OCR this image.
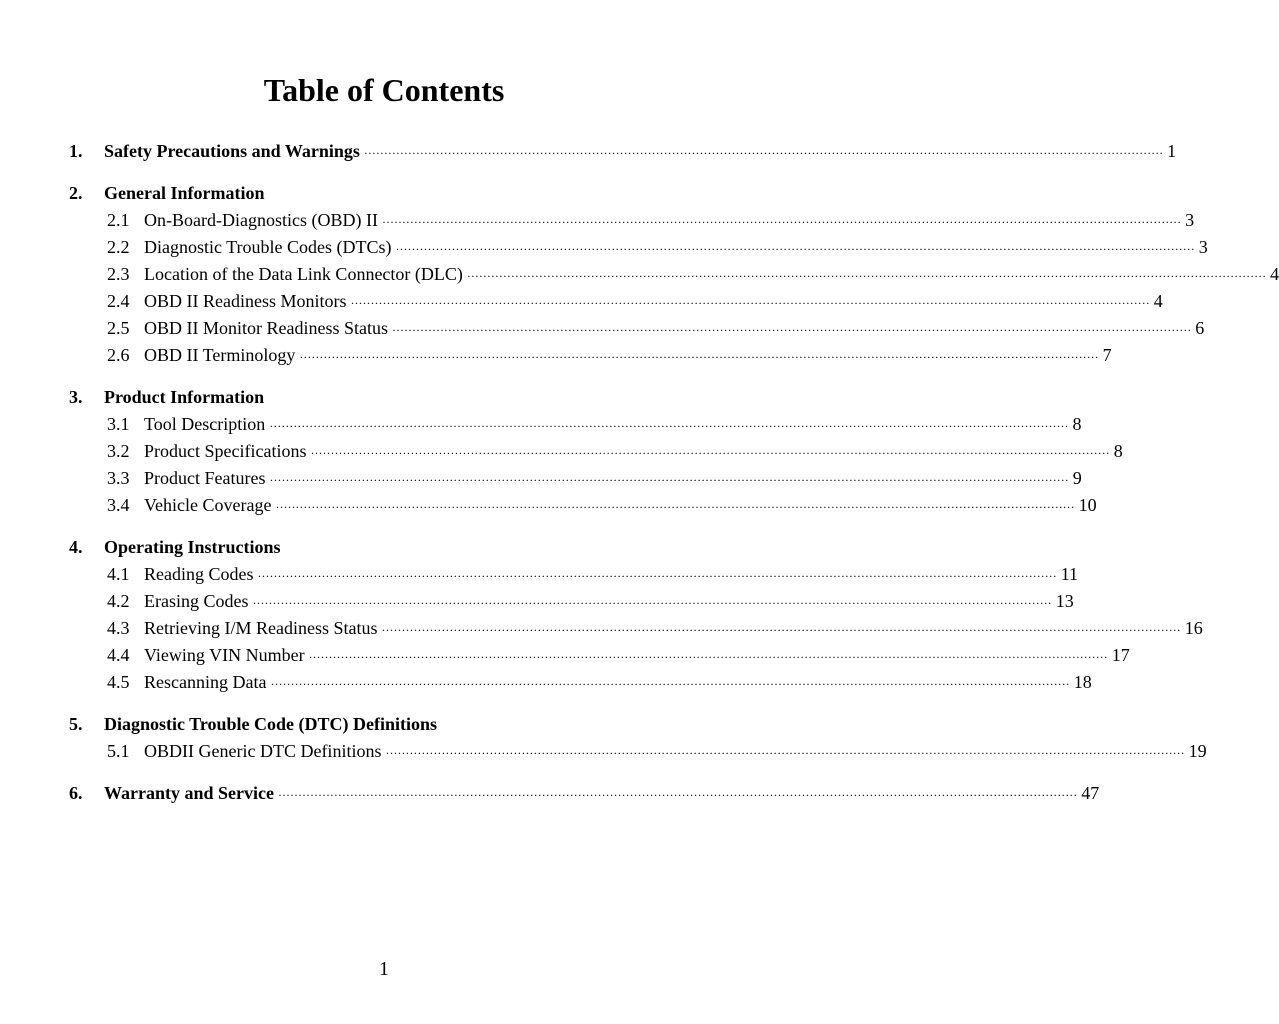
Table of Contents
1. Safety Precautions and Warnings ········································································································································································································ 1
2. General Information
2.1 On-Board-Diagnostics (OBD) II ········································································································································································································ 3
2.2 Diagnostic Trouble Codes (DTCs) ········································································································································································································ 3
2.3 Location of the Data Link Connector (DLC) ········································································································································································································ 4
2.4 OBD II Readiness Monitors ········································································································································································································ 4
2.5 OBD II Monitor Readiness Status ········································································································································································································ 6
2.6 OBD II Terminology ········································································································································································································ 7
3. Product Information
3.1 Tool Description ········································································································································································································ 8
3.2 Product Specifications ········································································································································································································ 8
3.3 Product Features ········································································································································································································ 9
3.4 Vehicle Coverage ········································································································································································································ 10
4. Operating Instructions
4.1 Reading Codes ········································································································································································································ 11
4.2 Erasing Codes ········································································································································································································ 13
4.3 Retrieving I/M Readiness Status ········································································································································································································ 16
4.4 Viewing VIN Number ········································································································································································································ 17
4.5 Rescanning Data ········································································································································································································ 18
5. Diagnostic Trouble Code (DTC) Definitions
5.1 OBDII Generic DTC Definitions ········································································································································································································ 19
6. Warranty and Service ········································································································································································································ 47
1
